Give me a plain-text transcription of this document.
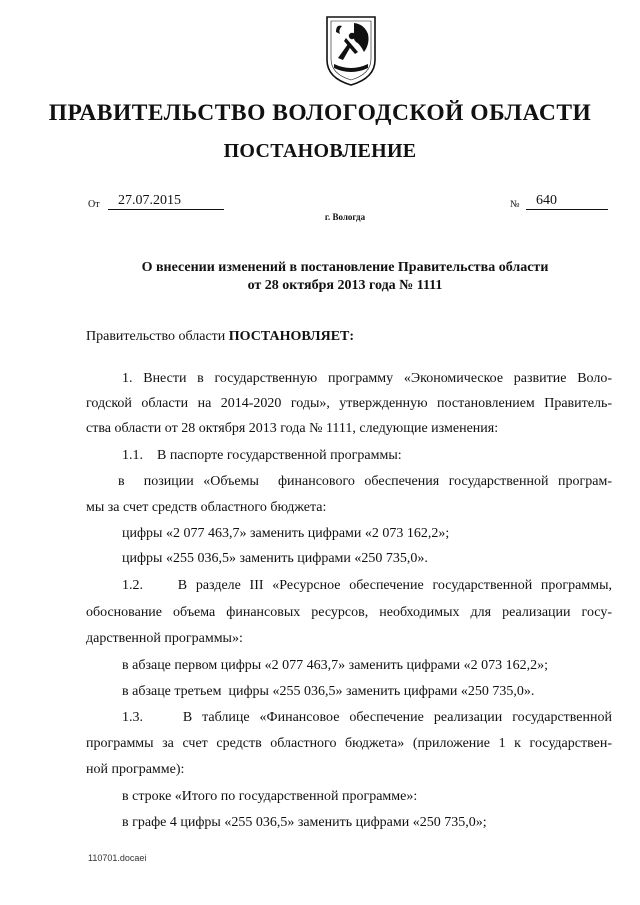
ПРАВИТЕЛЬСТВО ВОЛОГОДСКОЙ ОБЛАСТИ
ПОСТАНОВЛЕНИЕ
От 27.07.2015	№ 640
г. Вологда
О внесении изменений в постановление Правительства области
от 28 октября 2013 года № 1111
Правительство области ПОСТАНОВЛЯЕТ:
1. Внести в государственную программу «Экономическое развитие Воло-
годской области на 2014-2020 годы», утвержденную постановлением Правитель-
ства области от 28 октября 2013 года № 1111, следующие изменения:
1.1.    В паспорте государственной программы:
в  позиции «Объемы  финансового обеспечения государственной програм-
мы за счет средств областного бюджета:
цифры «2 077 463,7» заменить цифрами «2 073 162,2»;
цифры «255 036,5» заменить цифрами «250 735,0».
1.2.    В разделе III «Ресурсное обеспечение государственной программы,
обоснование объема финансовых ресурсов, необходимых для реализации госу-
дарственной программы»:
в абзаце первом цифры «2 077 463,7» заменить цифрами «2 073 162,2»;
в абзаце третьем  цифры «255 036,5» заменить цифрами «250 735,0».
1.3.    В таблице «Финансовое обеспечение реализации государственной
программы за счет средств областного бюджета» (приложение 1 к государствен-
ной программе):
в строке «Итого по государственной программе»:
в графе 4 цифры «255 036,5» заменить цифрами «250 735,0»;
110701.docaei
